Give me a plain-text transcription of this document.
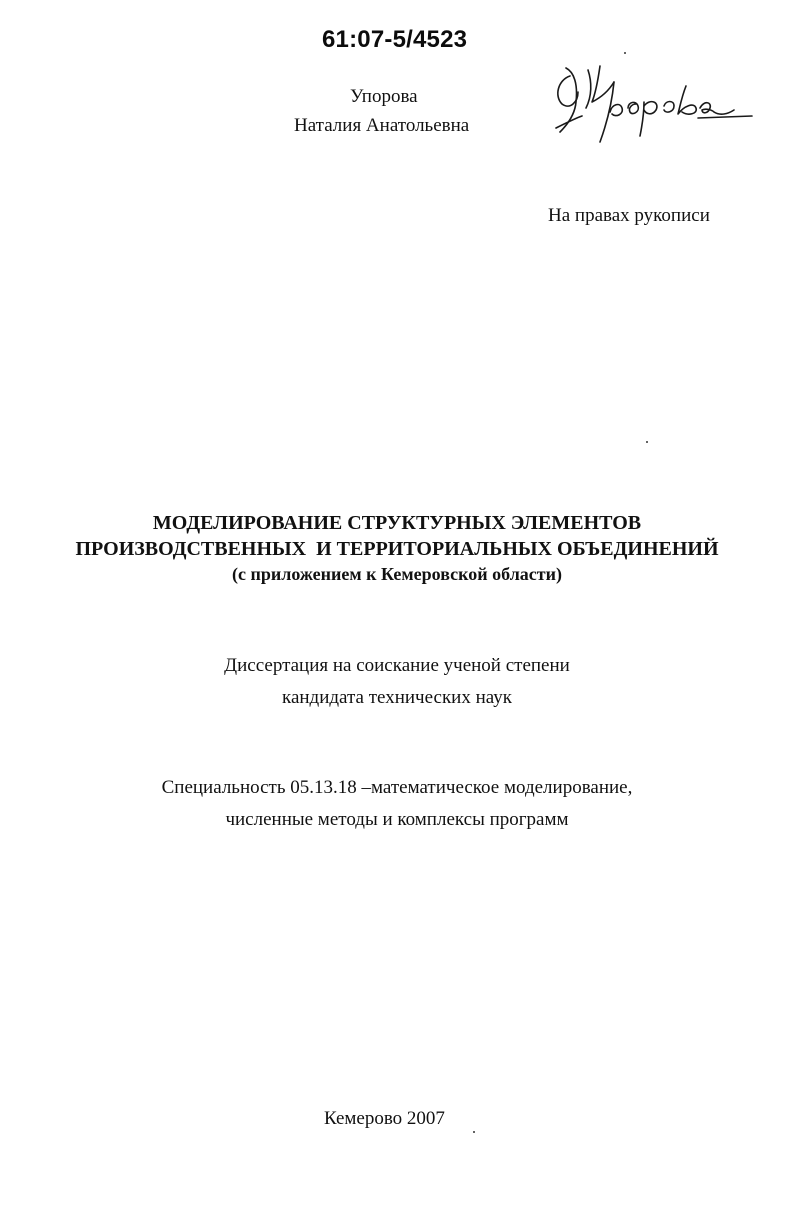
61:07-5/4523
Упорова
Наталия Анатольевна
На правах рукописи
МОДЕЛИРОВАНИЕ СТРУКТУРНЫХ ЭЛЕМЕНТОВ
ПРОИЗВОДСТВЕННЫХ  И ТЕРРИТОРИАЛЬНЫХ ОБЪЕДИНЕНИЙ
(с приложением к Кемеровской области)
Диссертация на соискание ученой степени
кандидата технических наук
Специальность 05.13.18 –математическое моделирование,
численные методы и комплексы программ
Кемерово 2007
